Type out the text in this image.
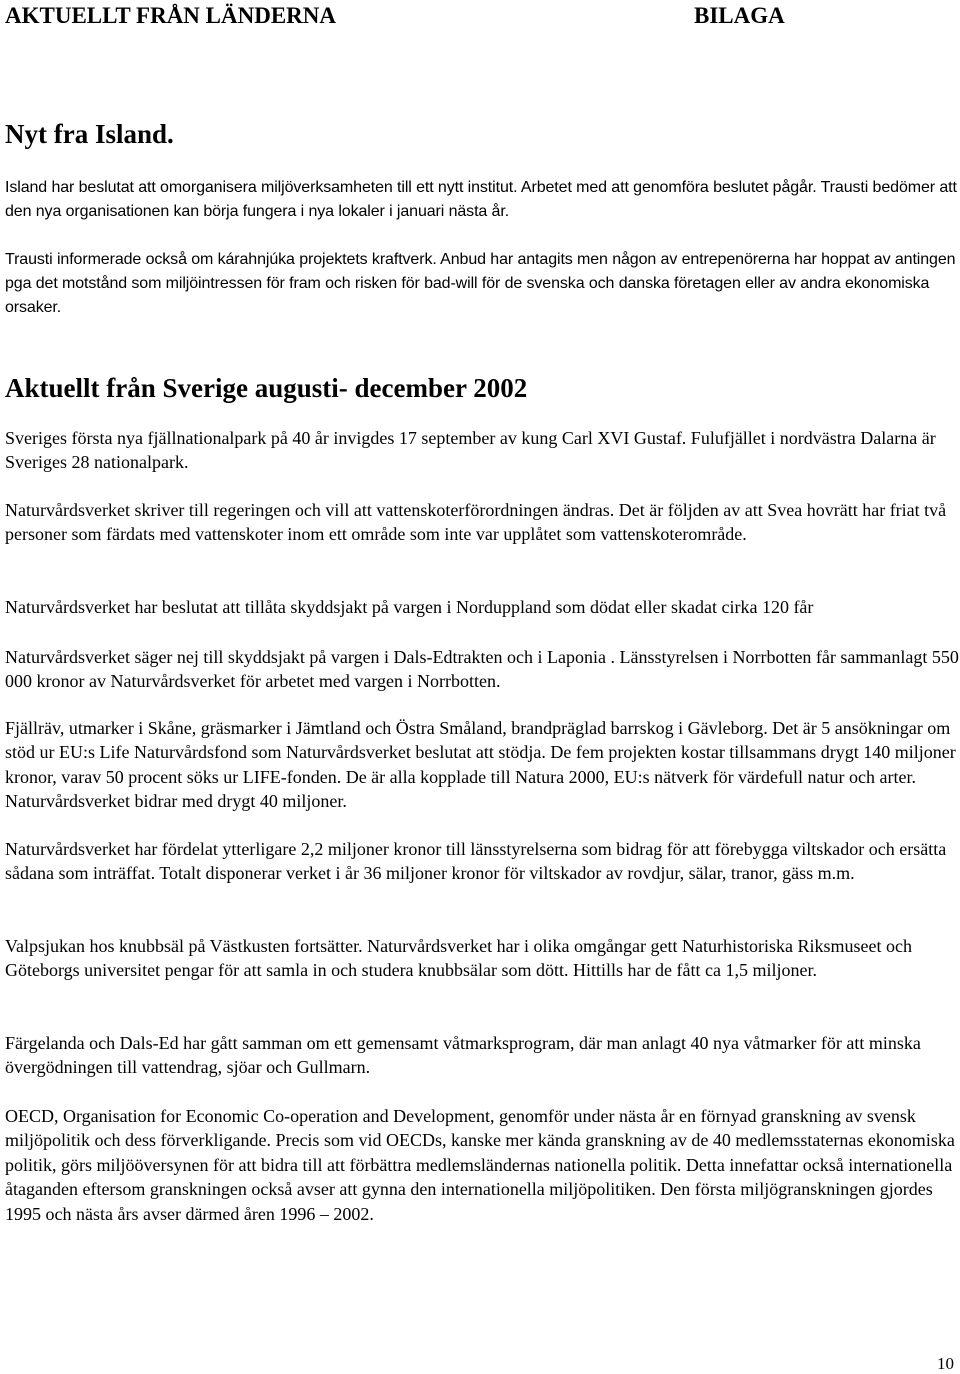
AKTUELLT FRÅN LÄNDERNA	BILAGA
Nyt fra Island.

Island har beslutat att omorganisera miljöverksamheten till ett nytt institut. Arbetet med att genomföra beslutet pågår. Trausti bedömer att den nya organisationen kan börja fungera i nya lokaler i januari nästa år.

Trausti informerade också om kárahnjúka projektets kraftverk. Anbud har antagits men någon av entrepenörerna har hoppat av antingen pga det motstånd som miljöintressen för fram och risken för bad-will för de svenska och danska företagen eller av andra ekonomiska orsaker.

Aktuellt från Sverige augusti- december 2002

Sveriges första nya fjällnationalpark på 40 år invigdes 17 september av kung Carl XVI Gustaf. Fulufjället i nordvästra Dalarna är Sveriges 28 nationalpark.

Naturvårdsverket skriver till regeringen och vill att vattenskoterförordningen ändras. Det är följden av att Svea hovrätt har friat två personer som färdats med vattenskoter inom ett område som inte var upplåtet som vattenskoterområde.

Naturvårdsverket har beslutat att tillåta skyddsjakt på vargen i Norduppland som dödat eller skadat cirka 120 får

Naturvårdsverket säger nej till skyddsjakt på vargen i Dals-Edtrakten och i Laponia . Länsstyrelsen i Norrbotten får sammanlagt 550 000 kronor av Naturvårdsverket för arbetet med vargen i Norrbotten.

Fjällräv, utmarker i Skåne, gräsmarker i Jämtland och Östra Småland, brandpräglad barrskog i Gävleborg. Det är 5 ansökningar om stöd ur EU:s Life Naturvårdsfond som Naturvårdsverket beslutat att stödja. De fem projekten kostar tillsammans drygt 140 miljoner kronor, varav 50 procent söks ur LIFE-fonden. De är alla kopplade till Natura 2000, EU:s nätverk för värdefull natur och arter. Naturvårdsverket bidrar med drygt 40 miljoner.

Naturvårdsverket har fördelat ytterligare 2,2 miljoner kronor till länsstyrelserna som bidrag för att förebygga viltskador och ersätta sådana som inträffat. Totalt disponerar verket i år 36 miljoner kronor för viltskador av rovdjur, sälar, tranor, gäss m.m.

Valpsjukan hos knubbsäl på Västkusten fortsätter. Naturvårdsverket har i olika omgångar gett Naturhistoriska Riksmuseet och Göteborgs universitet pengar för att samla in och studera knubbsälar som dött. Hittills har de fått ca 1,5 miljoner.

Färgelanda och Dals-Ed har gått samman om ett gemensamt våtmarksprogram, där man anlagt 40 nya våtmarker för att minska övergödningen till vattendrag, sjöar och Gullmarn.

OECD, Organisation for Economic Co-operation and Development, genomför under nästa år en förnyad granskning av svensk miljöpolitik och dess förverkligande. Precis som vid OECDs, kanske mer kända granskning av de 40 medlemsstaternas ekonomiska politik, görs miljööversynen för att bidra till att förbättra medlemsländernas nationella politik. Detta innefattar också internationella åtaganden eftersom granskningen också avser att gynna den internationella miljöpolitiken. Den första miljögranskningen gjordes 1995 och nästa års avser därmed åren 1996 – 2002.

10
